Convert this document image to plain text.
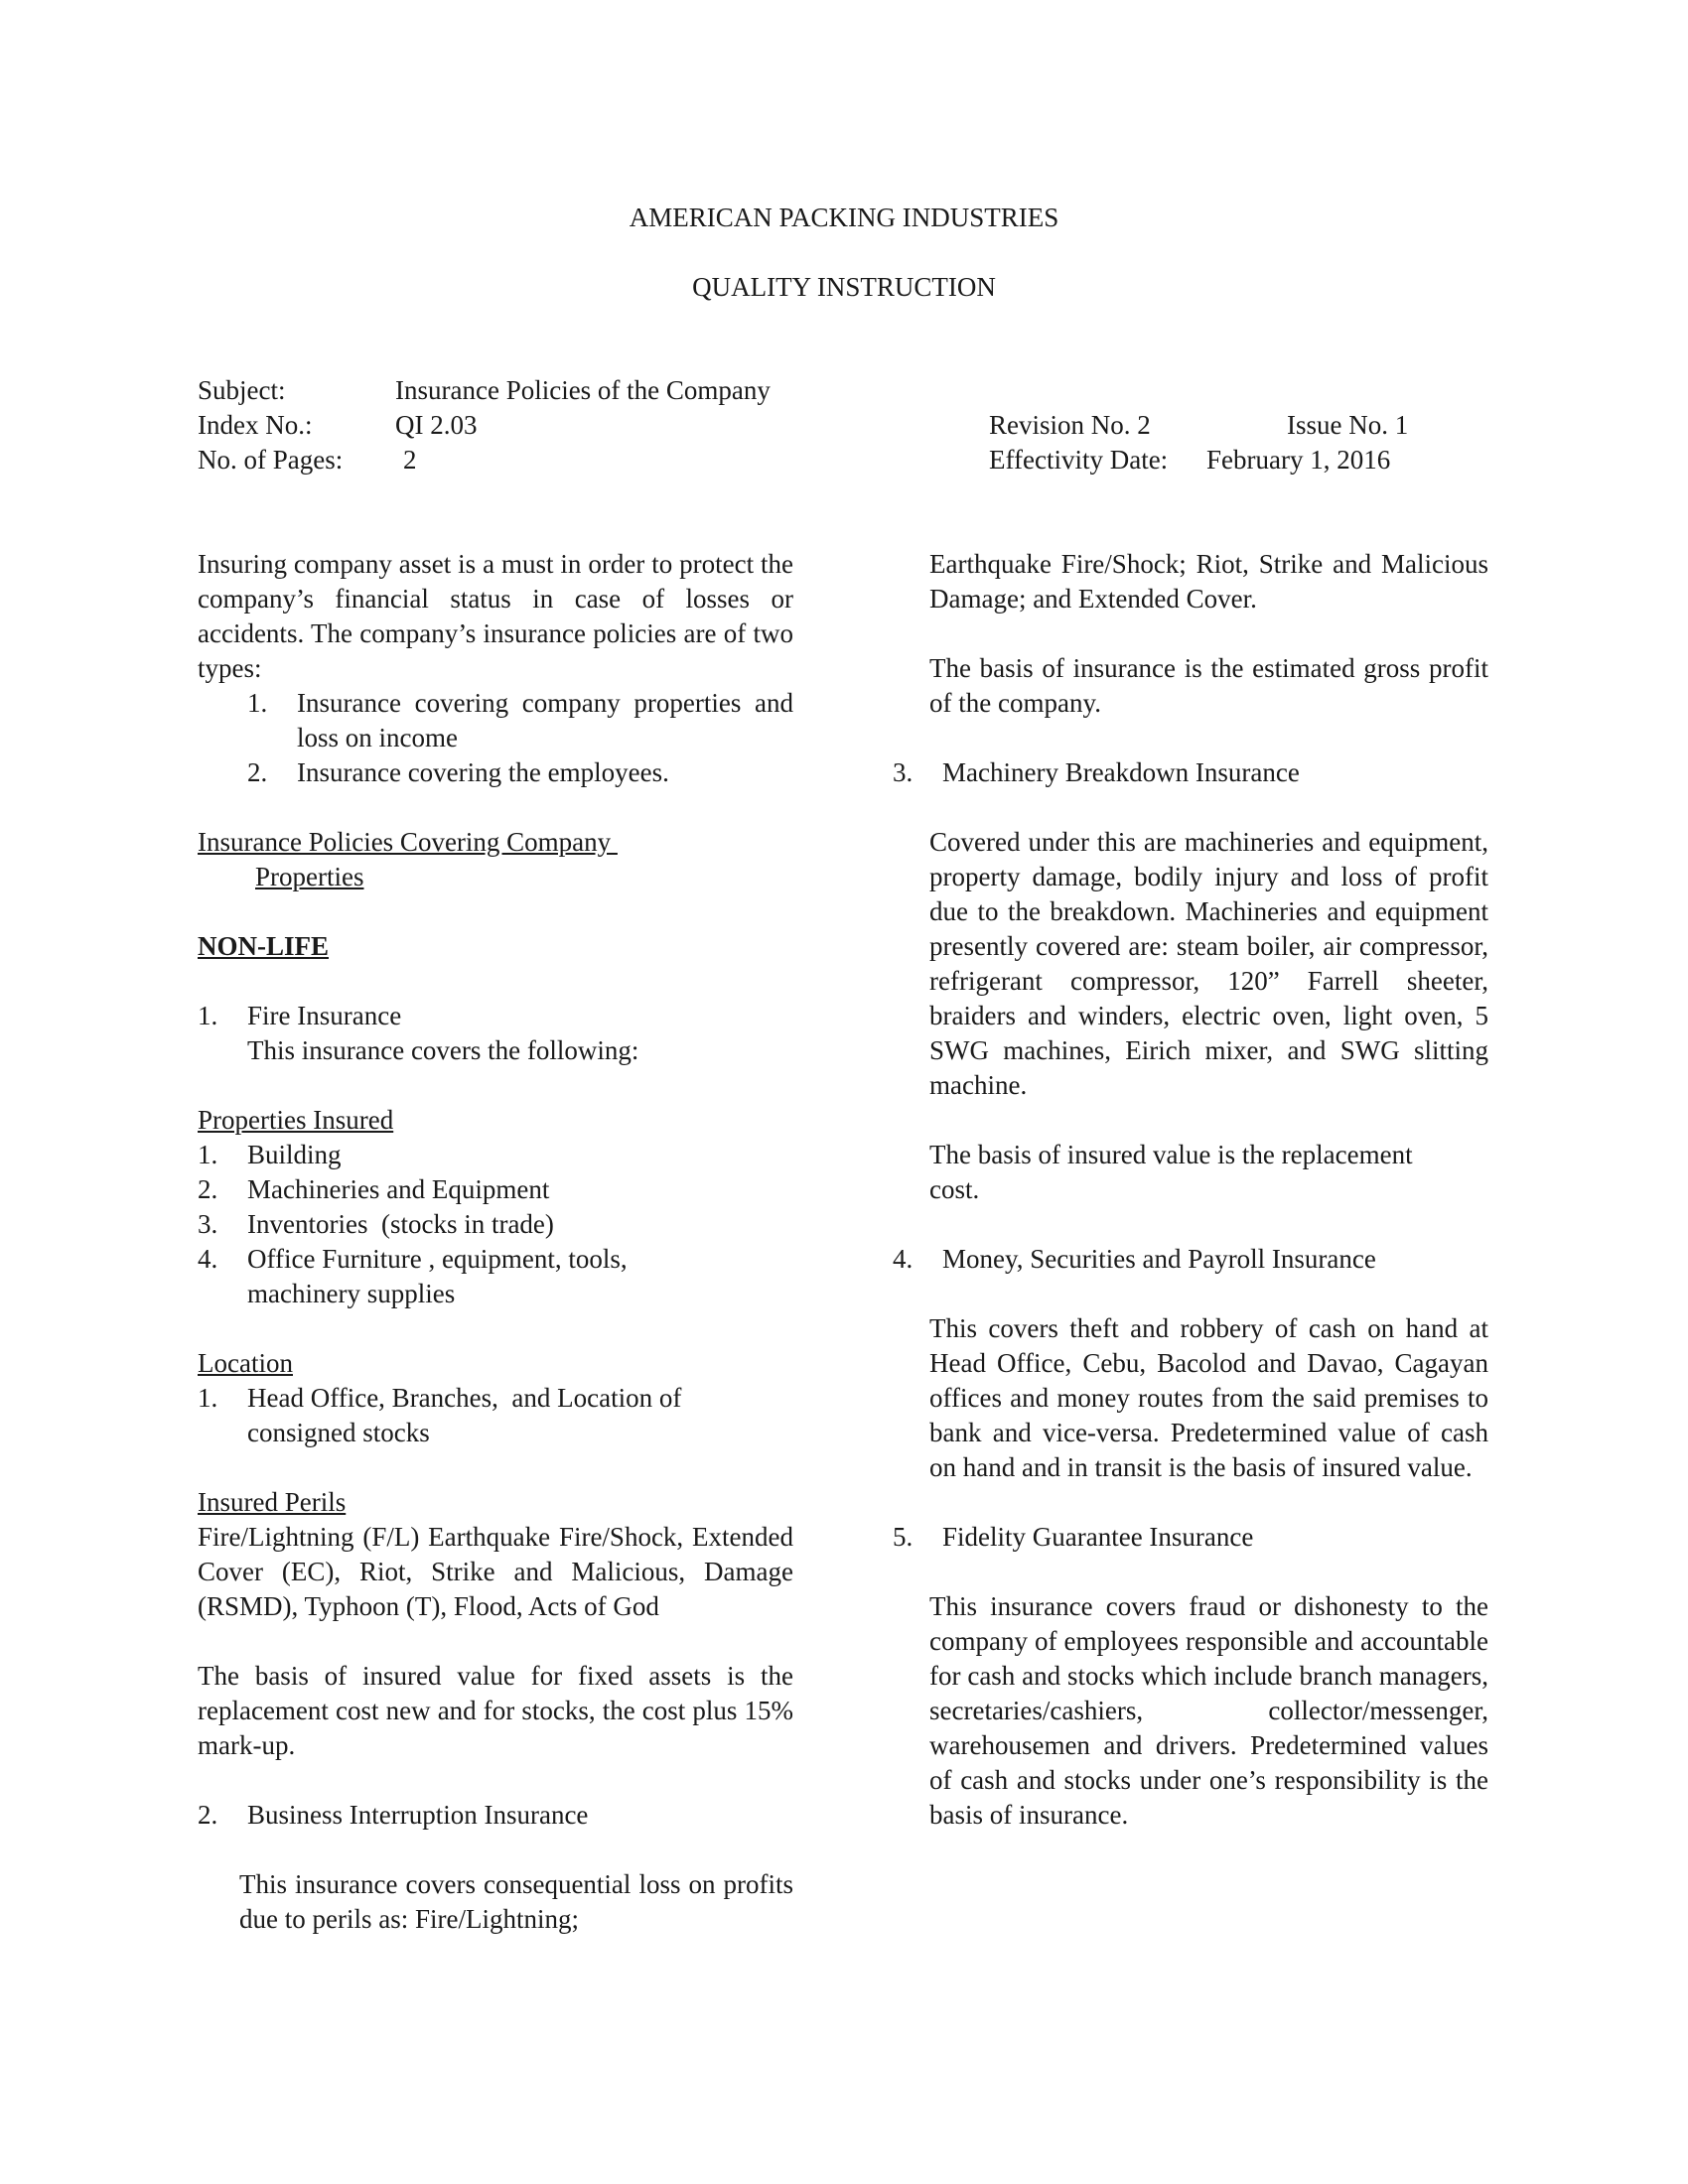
AMERICAN PACKING INDUSTRIES
QUALITY INSTRUCTION
Subject:	Insurance Policies of the Company
Index No.:	QI 2.03
No. of Pages: 2
Revision No. 2	Issue No. 1
Effectivity Date: February 1, 2016

Insuring company asset is a must in order to protect the company’s financial status in case of losses or accidents. The company’s insurance policies are of two types:

1.	Insurance covering company properties and loss on income
2.	Insurance covering the employees.

Insurance Policies Covering Company

Properties

NON-LIFE

1.	Fire Insurance

This insurance covers the following:

Properties Insured

1.	Building
2.	Machineries and Equipment
3.	Inventories  (stocks in trade)
4.	Office Furniture , equipment, tools, machinery supplies

Location

1.	Head Office, Branches,  and Location of consigned stocks

Insured Perils

Fire/Lightning (F/L) Earthquake Fire/Shock, Extended Cover (EC), Riot, Strike and Malicious, Damage (RSMD), Typhoon (T), Flood, Acts of God

The basis of insured value for fixed assets is the replacement cost new and for stocks, the cost plus 15% mark-up.

2.	Business Interruption Insurance

This insurance covers consequential loss on profits due to perils as: Fire/Lightning;

Earthquake Fire/Shock; Riot, Strike and Malicious Damage; and Extended Cover.

The basis of insurance is the estimated gross profit of the company.

3.	Machinery Breakdown Insurance

Covered under this are machineries and equipment, property damage, bodily injury and loss of profit due to the breakdown. Machineries and equipment presently covered are: steam boiler, air compressor, refrigerant compressor, 120” Farrell sheeter, braiders and winders, electric oven, light oven, 5 SWG machines, Eirich mixer, and SWG slitting machine.

The basis of insured value is the replacement cost.

4.	Money, Securities and Payroll Insurance

This covers theft and robbery of cash on hand at Head Office, Cebu, Bacolod and Davao, Cagayan offices and money routes from the said premises to bank and vice-versa. Predetermined value of cash on hand and in transit is the basis of insured value.

5.	Fidelity Guarantee Insurance

This insurance covers fraud or dishonesty to the company of employees responsible and accountable for cash and stocks which include branch managers, secretaries/cashiers, collector/messenger, warehousemen and drivers. Predetermined values of cash and stocks under one’s responsibility is the basis of insurance.
